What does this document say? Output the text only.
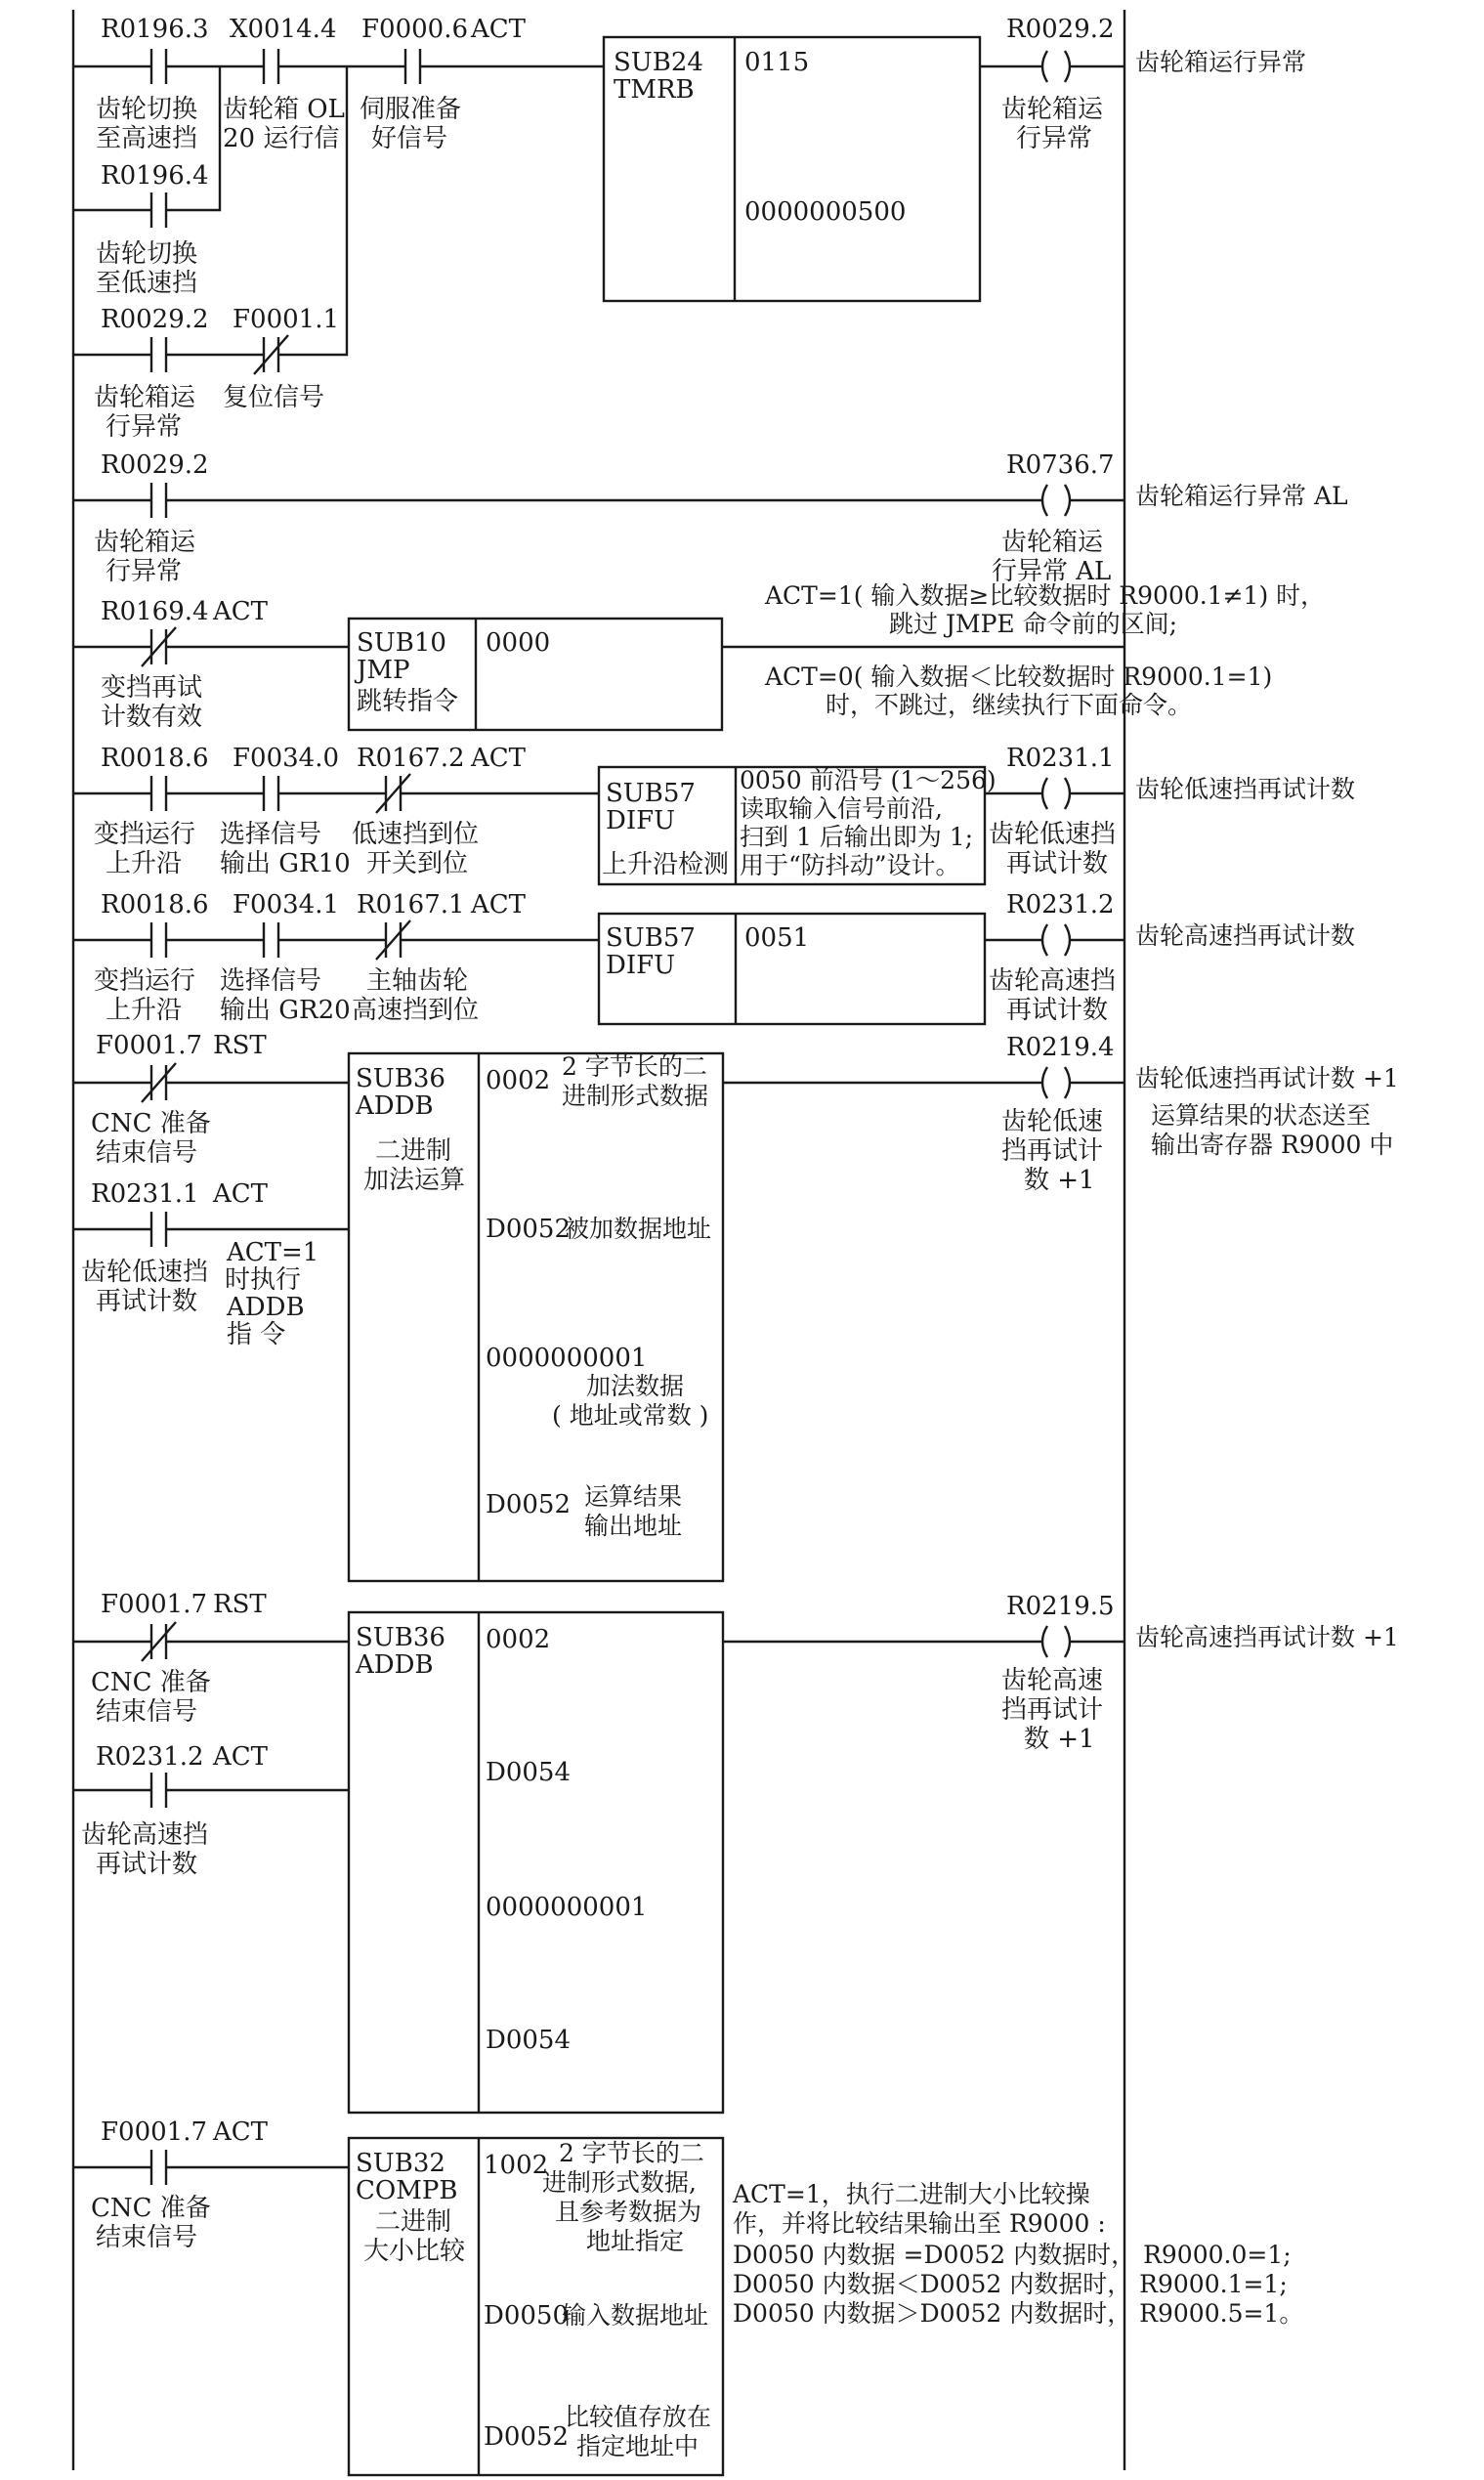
R0196.3
齿轮切换
至高速挡
X0014.4
齿轮箱 OL
20 运行信
F0000.6 ACT
伺服准备
好信号
R0196.4
齿轮切换
至低速挡
R0029.2 F0001.1
齿轮箱运
行异常
复位信号
SUB24
TMRB
0115
0000000500
R0029.2
齿轮箱运
行异常
齿轮箱运行异常
R0029.2
齿轮箱运
行异常
R0736.7
齿轮箱运
行异常 AL
齿轮箱运行异常 AL
R0169.4 ACT
变挡再试
计数有效
SUB10
JMP
跳转指令
0000
ACT=1( 输入数据≥比较数据时 R9000.1≠1) 时，
跳过 JMPE 命令前的区间;
ACT=0( 输入数据＜比较数据时 R9000.1=1)
时，不跳过，继续执行下面命令。
R0018.6 F0034.0 R0167.2 ACT
变挡运行
上升沿
选择信号
输出 GR10
低速挡到位
开关到位
SUB57
DIFU
上升沿检测
0050 前沿号 (1～256)
读取输入信号前沿,
扫到 1 后输出即为 1;
用于“防抖动”设计。
R0231.1
齿轮低速挡
再试计数
齿轮低速挡再试计数
R0018.6 F0034.1 R0167.1 ACT
变挡运行
上升沿
选择信号
输出 GR20
主轴齿轮
高速挡到位
SUB57
DIFU
0051
R0231.2
齿轮高速挡
再试计数
齿轮高速挡再试计数
F0001.7 RST
CNC 准备
结束信号
R0231.1 ACT
齿轮低速挡
再试计数
ACT=1
时执行
ADDB
指 令
SUB36
ADDB
二进制
加法运算
0002 2 字节长的二
进制形式数据
D0052
被加数据地址
0000000001
加法数据
( 地址或常数 )
D0052 运算结果
输出地址
R0219.4
齿轮低速
挡再试计
数 +1
齿轮低速挡再试计数 +1
运算结果的状态送至
输出寄存器 R9000 中
F0001.7 RST
CNC 准备
结束信号
R0231.2 ACT
齿轮高速挡
再试计数
SUB36
ADDB
0002
D0054
0000000001
D0054
R0219.5
齿轮高速
挡再试计
数 +1
齿轮高速挡再试计数 +1
F0001.7 ACT
CNC 准备
结束信号
SUB32
COMPB
二进制
大小比较
1002 2 字节长的二
进制形式数据,
且参考数据为
地址指定
D0050
输入数据地址
D0052
比较值存放在
指定地址中
ACT=1，执行二进制大小比较操
作，并将比较结果输出至 R9000 :
D0050 内数据 =D0052 内数据时， R9000.0=1;
D0050 内数据＜D0052 内数据时， R9000.1=1;
D0050 内数据＞D0052 内数据时， R9000.5=1。
